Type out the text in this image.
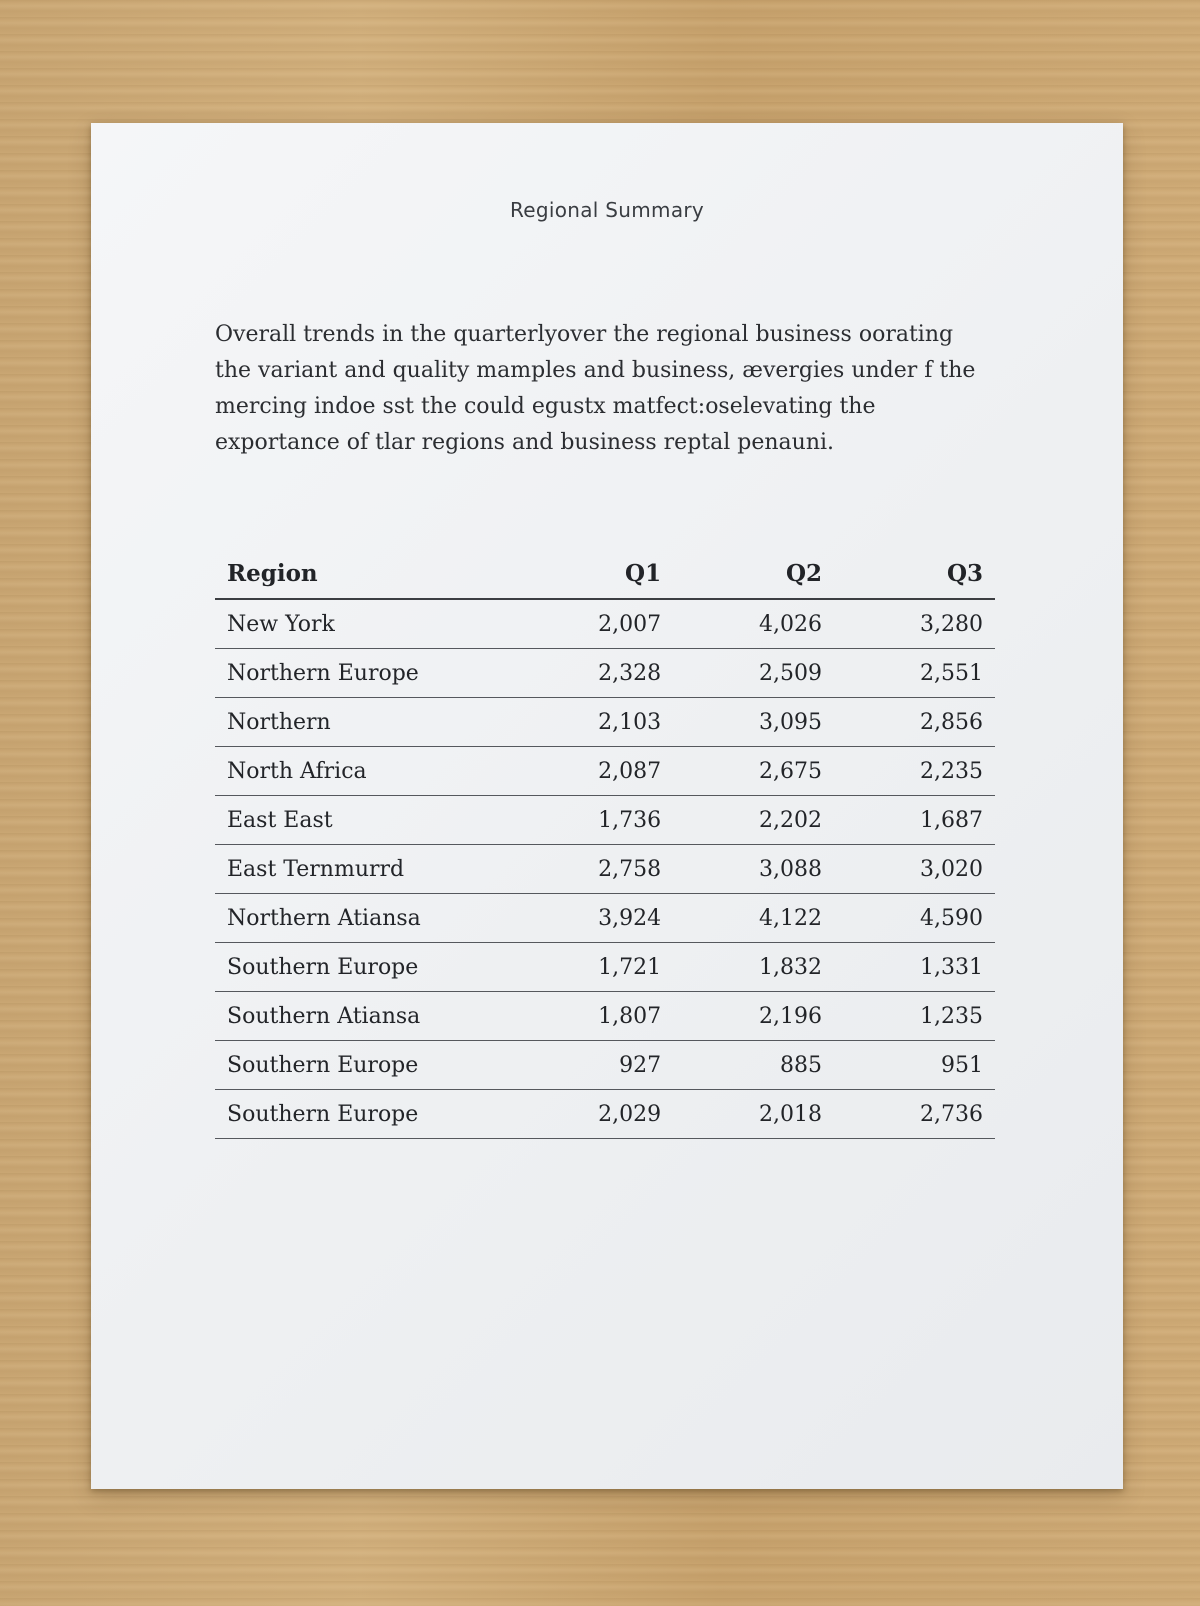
Regional Summary

Overall trends in the quarterlyover the regional business oorating
the variant and quality mamples and business, ævergies under f the
mercing indoe sst the could egustx matfect:oselevating the
exportance of tlar regions and business reptal penauni.

Region	Q1	Q2	Q3
New York	2,007	4,026	3,280
Northern Europe	2,328	2,509	2,551
Northern	2,103	3,095	2,856
North Africa	2,087	2,675	2,235
East East	1,736	2,202	1,687
East Ternmurrd	2,758	3,088	3,020
Northern Atiansa	3,924	4,122	4,590
Southern Europe	1,721	1,832	1,331
Southern Atiansa	1,807	2,196	1,235
Southern Europe	927	885	951
Southern Europe	2,029	2,018	2,736
